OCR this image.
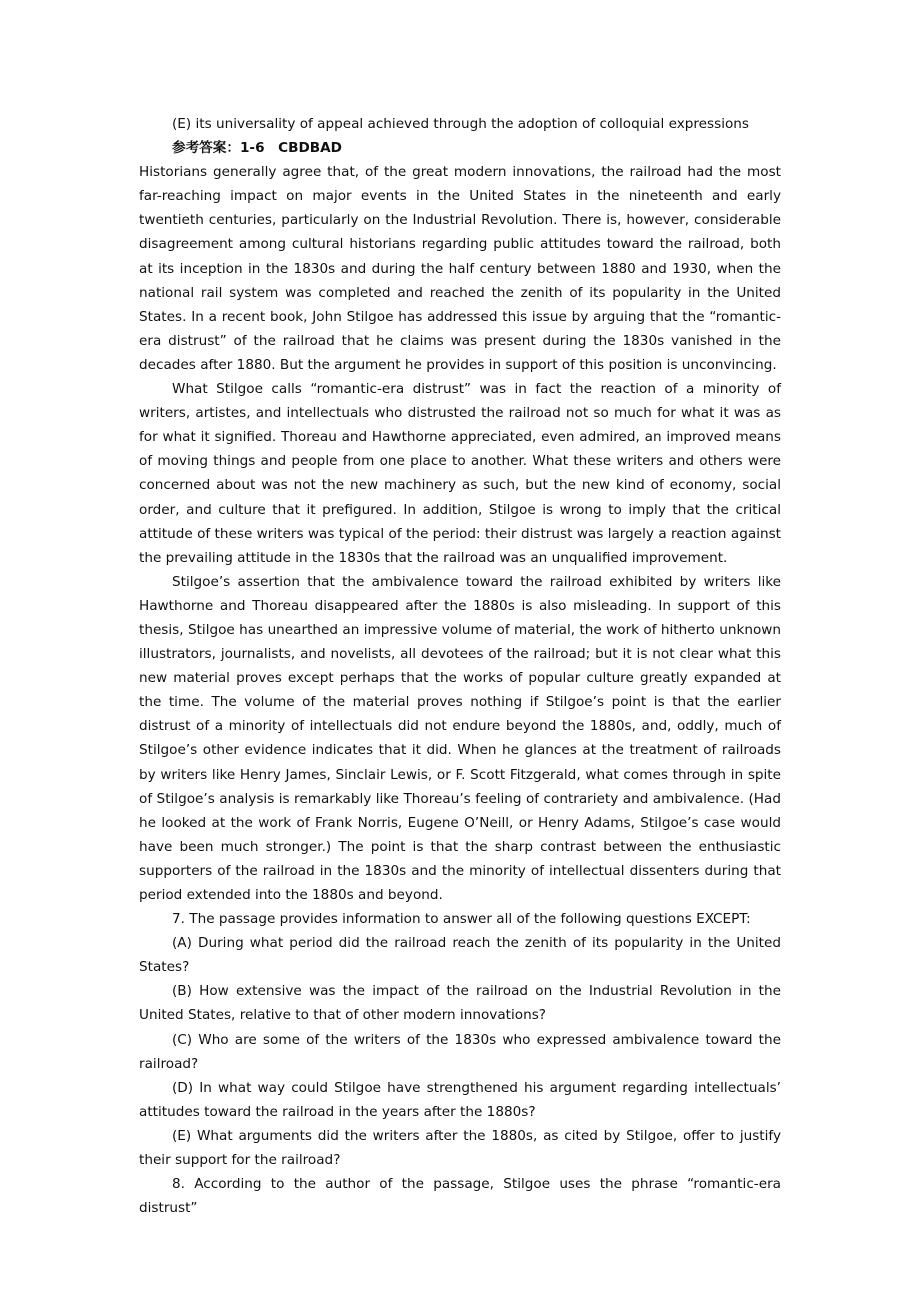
(E) its universality of appeal achieved through the adoption of colloquial expressions

参考答案：1-6　CBDBAD

Historians generally agree that, of the great modern innovations, the railroad had the most far-reaching impact on major events in the United States in the nineteenth and early twentieth centuries, particularly on the Industrial Revolution. There is, however, considerable disagreement among cultural historians regarding public attitudes toward the railroad, both at its inception in the 1830s and during the half century between 1880 and 1930, when the national rail system was completed and reached the zenith of its popularity in the United States. In a recent book, John Stilgoe has addressed this issue by arguing that the “romantic-era distrust” of the railroad that he claims was present during the 1830s vanished in the decades after 1880. But the argument he provides in support of this position is unconvincing.

What Stilgoe calls “romantic-era distrust” was in fact the reaction of a minority of writers, artistes, and intellectuals who distrusted the railroad not so much for what it was as for what it signified. Thoreau and Hawthorne appreciated, even admired, an improved means of moving things and people from one place to another. What these writers and others were concerned about was not the new machinery as such, but the new kind of economy, social order, and culture that it prefigured. In addition, Stilgoe is wrong to imply that the critical attitude of these writers was typical of the period: their distrust was largely a reaction against the prevailing attitude in the 1830s that the railroad was an unqualified improvement.

Stilgoe’s assertion that the ambivalence toward the railroad exhibited by writers like Hawthorne and Thoreau disappeared after the 1880s is also misleading. In support of this thesis, Stilgoe has unearthed an impressive volume of material, the work of hitherto unknown illustrators, journalists, and novelists, all devotees of the railroad; but it is not clear what this new material proves except perhaps that the works of popular culture greatly expanded at the time. The volume of the material proves nothing if Stilgoe’s point is that the earlier distrust of a minority of intellectuals did not endure beyond the 1880s, and, oddly, much of Stilgoe’s other evidence indicates that it did. When he glances at the treatment of railroads by writers like Henry James, Sinclair Lewis, or F. Scott Fitzgerald, what comes through in spite of Stilgoe’s analysis is remarkably like Thoreau’s feeling of contrariety and ambivalence. (Had he looked at the work of Frank Norris, Eugene O’Neill, or Henry Adams, Stilgoe’s case would have been much stronger.) The point is that the sharp contrast between the enthusiastic supporters of the railroad in the 1830s and the minority of intellectual dissenters during that period extended into the 1880s and beyond.

7. The passage provides information to answer all of the following questions EXCEPT:

(A) During what period did the railroad reach the zenith of its popularity in the United States?

(B) How extensive was the impact of the railroad on the Industrial Revolution in the United States, relative to that of other modern innovations?

(C) Who are some of the writers of the 1830s who expressed ambivalence toward the railroad?

(D) In what way could Stilgoe have strengthened his argument regarding intellectuals’ attitudes toward the railroad in the years after the 1880s?

(E) What arguments did the writers after the 1880s, as cited by Stilgoe, offer to justify their support for the railroad?

8. According to the author of the passage, Stilgoe uses the phrase “romantic-era distrust”
